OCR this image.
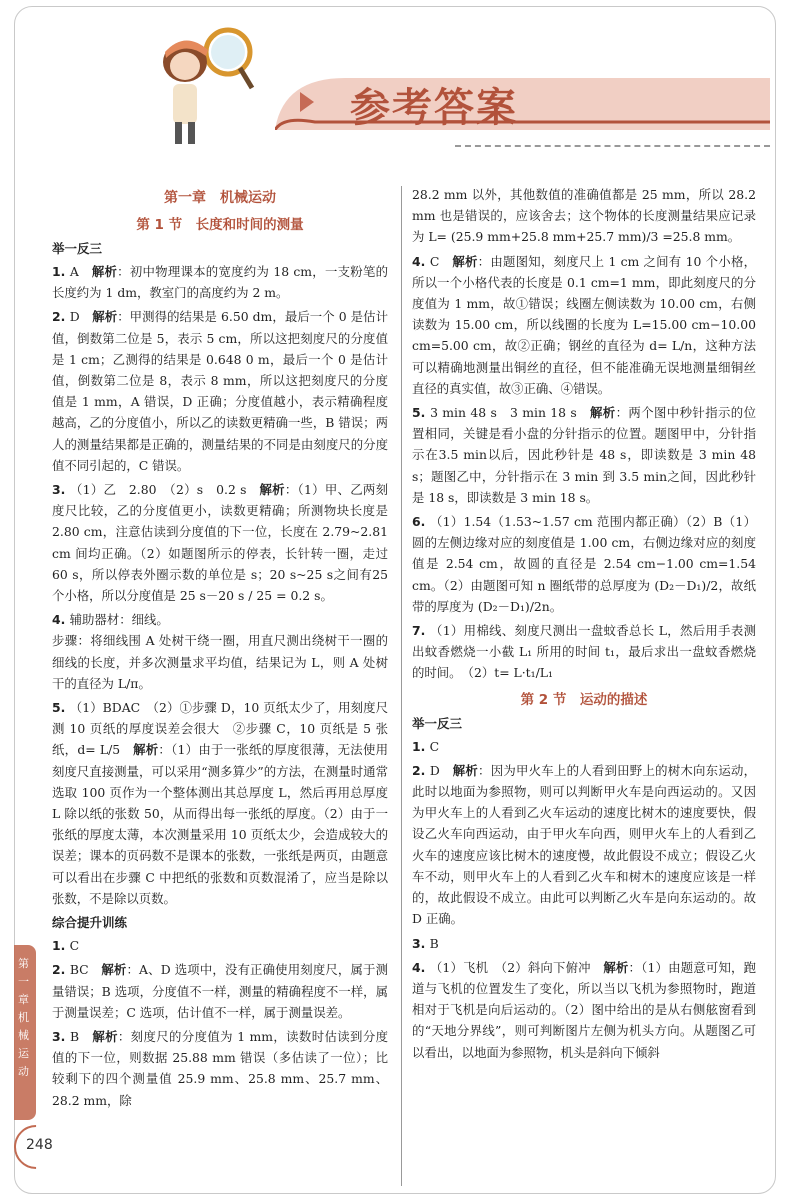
参考答案
第一章　机械运动
第 1 节　长度和时间的测量
举一反三
1. A　解析：初中物理课本的宽度约为 18 cm，一支粉笔的长度约为 1 dm，教室门的高度约为 2 m。
2. D　解析：甲测得的结果是 6.50 dm，最后一个 0 是估计值，倒数第二位是 5，表示 5 cm，所以这把刻度尺的分度值是 1 cm；乙测得的结果是 0.648 0 m，最后一个 0 是估计值，倒数第二位是 8，表示 8 mm，所以这把刻度尺的分度值是 1 mm，A 错误，D 正确；分度值越小，表示精确程度越高，乙的分度值小，所以乙的读数更精确一些，B 错误；两人的测量结果都是正确的，测量结果的不同是由刻度尺的分度值不同引起的，C 错误。
3. （1）乙　2.80　（2）s　0.2 s　解析：（1）甲、乙两刻度尺比较，乙的分度值更小，读数更精确；所测物块长度是 2.80 cm，注意估读到分度值的下一位，长度在 2.79~2.81 cm 间均正确。（2）如题图所示的停表，长针转一圈，走过 60 s，所以停表外圈示数的单位是 s；20 s~25 s之间有25 个小格，所以分度值是 25 s－20 s / 25 = 0.2 s。
4. 辅助器材：细线。
步骤：将细线围 A 处树干绕一圈，用直尺测出绕树干一圈的细线的长度，并多次测量求平均值，结果记为 L，则 A 处树干的直径为 L/π。
5. （1）BDAC　（2）①步骤 D，10 页纸太少了，用刻度尺测 10 页纸的厚度误差会很大　②步骤 C，10 页纸是 5 张纸，d= L/5　解析：（1）由于一张纸的厚度很薄，无法使用刻度尺直接测量，可以采用“测多算少”的方法，在测量时通常选取 100 页作为一个整体测出其总厚度 L，然后再用总厚度 L 除以纸的张数 50，从而得出每一张纸的厚度。（2）由于一张纸的厚度太薄，本次测量采用 10 页纸太少，会造成较大的误差；课本的页码数不是课本的张数，一张纸是两页，由题意可以看出在步骤 C 中把纸的张数和页数混淆了，应当是除以张数，不是除以页数。
综合提升训练
1. C
2. BC　解析：A、D 选项中，没有正确使用刻度尺，属于测量错误；B 选项，分度值不一样，测量的精确程度不一样，属于测量误差；C 选项，估计值不一样，属于测量误差。
3. B　解析：刻度尺的分度值为 1 mm，读数时估读到分度值的下一位，则数据 25.88 mm 错误（多估读了一位）；比较剩下的四个测量值 25.9 mm、25.8 mm、25.7 mm、28.2 mm，除
28.2 mm 以外，其他数值的准确值都是 25 mm，所以 28.2 mm 也是错误的，应该舍去；这个物体的长度测量结果应记录为 L= (25.9 mm+25.8 mm+25.7 mm)/3 =25.8 mm。
4. C　解析：由题图知，刻度尺上 1 cm 之间有 10 个小格，所以一个小格代表的长度是 0.1 cm=1 mm，即此刻度尺的分度值为 1 mm，故①错误；线圈左侧读数为 10.00 cm，右侧读数为 15.00 cm，所以线圈的长度为 L=15.00 cm−10.00 cm=5.00 cm，故②正确；钢丝的直径为 d= L/n，这种方法可以精确地测量出铜丝的直径，但不能准确无误地测量细铜丝直径的真实值，故③正确、④错误。
5. 3 min 48 s　3 min 18 s　解析：两个图中秒针指示的位置相同，关键是看小盘的分针指示的位置。题图甲中，分针指示在3.5 min以后，因此秒针是 48 s，即读数是 3 min 48 s；题图乙中，分针指示在 3 min 到 3.5 min之间，因此秒针是 18 s，即读数是 3 min 18 s。
6. （1）1.54（1.53~1.57 cm 范围内都正确）（2）B（1）圆的左侧边缘对应的刻度值是 1.00 cm，右侧边缘对应的刻度值是 2.54 cm，故圆的直径是 2.54 cm−1.00 cm=1.54 cm。（2）由题图可知 n 圈纸带的总厚度为 (D₂－D₁)/2，故纸带的厚度为 (D₂－D₁)/2n。
7. （1）用棉线、刻度尺测出一盘蚊香总长 L，然后用手表测出蚊香燃烧一小截 L₁ 所用的时间 t₁，最后求出一盘蚊香燃烧的时间。　（2）t= L·t₁/L₁
第 2 节　运动的描述
举一反三
1. C
2. D　解析：因为甲火车上的人看到田野上的树木向东运动，此时以地面为参照物，则可以判断甲火车是向西运动的。又因为甲火车上的人看到乙火车运动的速度比树木的速度要快，假设乙火车向西运动，由于甲火车向西，则甲火车上的人看到乙火车的速度应该比树木的速度慢，故此假设不成立；假设乙火车不动，则甲火车上的人看到乙火车和树木的速度应该是一样的，故此假设不成立。由此可以判断乙火车是向东运动的。故 D 正确。
3. B
4. （1）飞机　（2）斜向下俯冲　解析：（1）由题意可知，跑道与飞机的位置发生了变化，所以当以飞机为参照物时，跑道相对于飞机是向后运动的。（2）图中给出的是从右侧舷窗看到的“天地分界线”，则可判断图片左侧为机头方向。从题图乙可以看出，以地面为参照物，机头是斜向下倾斜
第一章 机械运动
248
